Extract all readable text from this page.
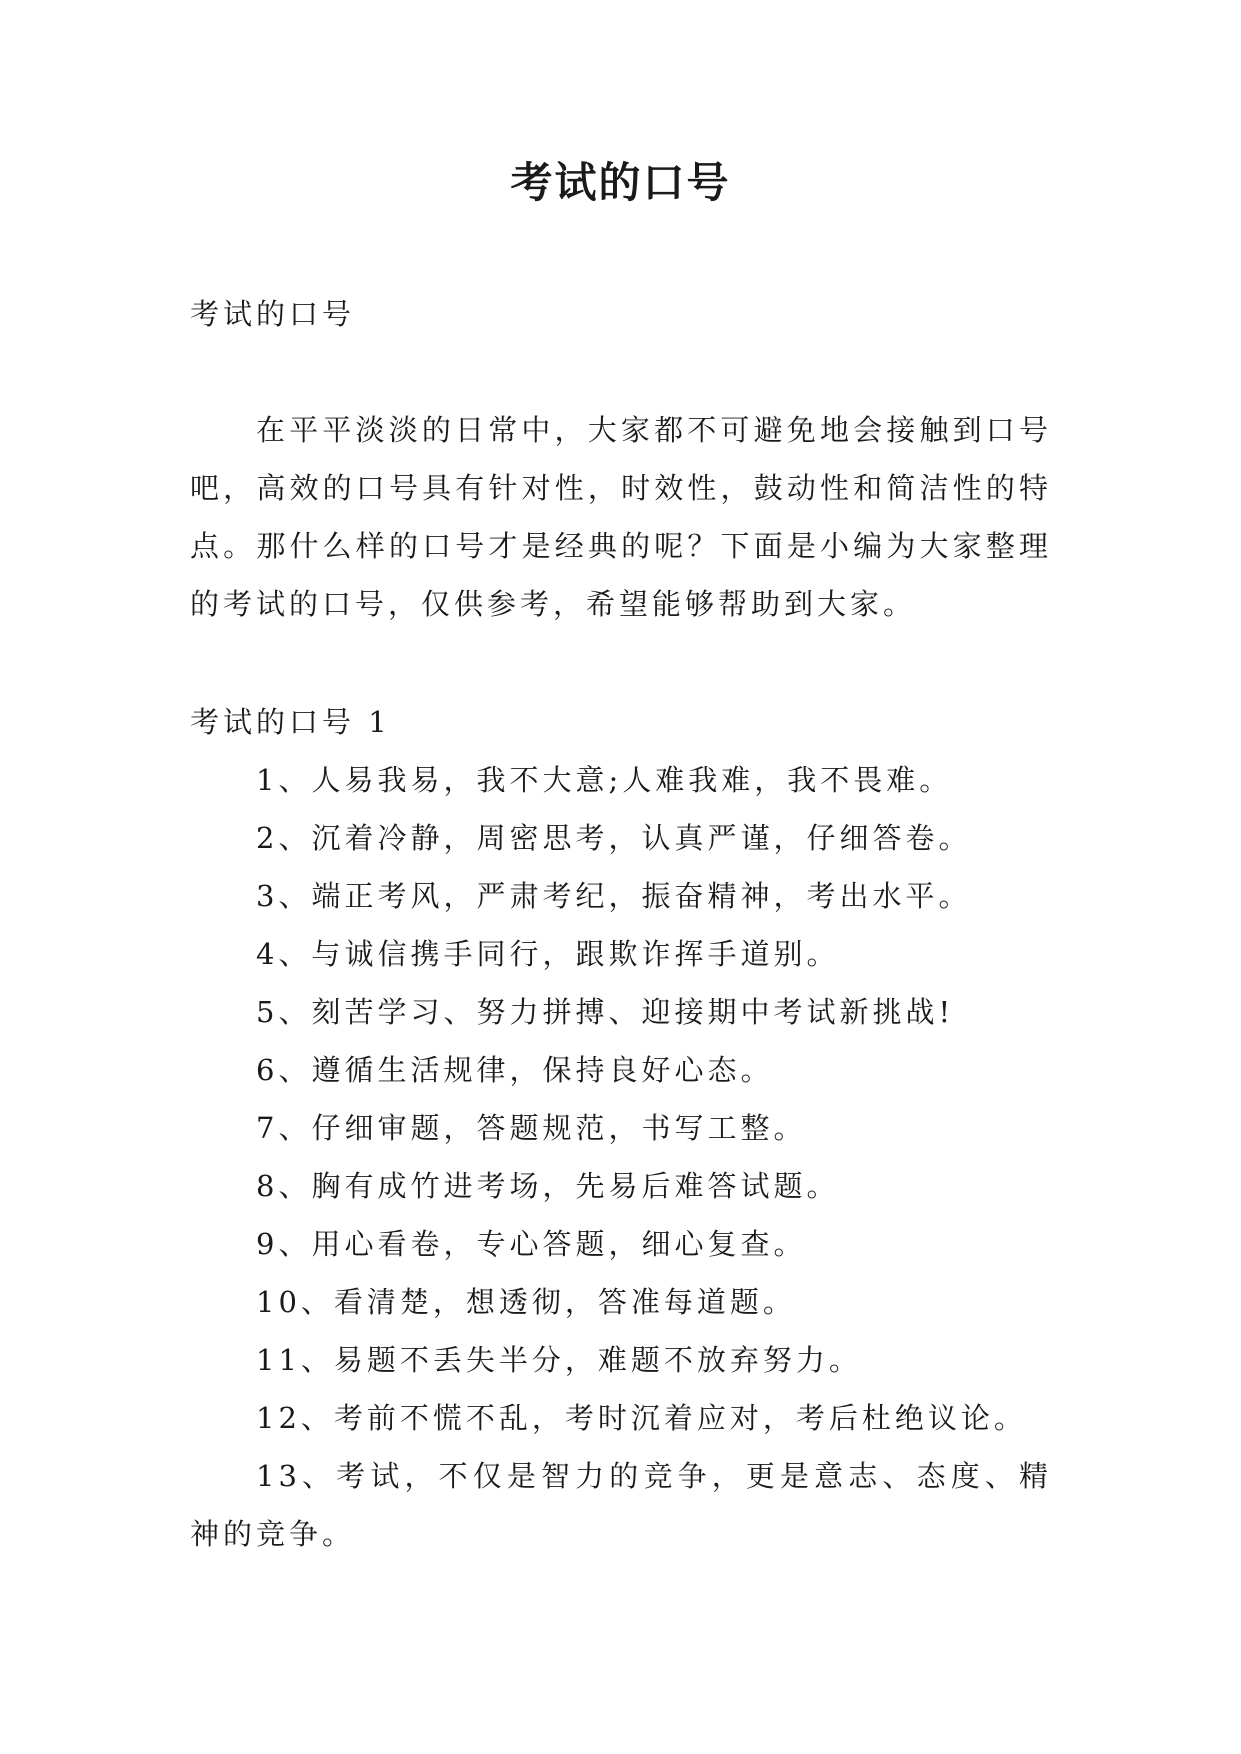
考试的口号

考试的口号

在平平淡淡的日常中，大家都不可避免地会接触到口号吧，高效的口号具有针对性，时效性，鼓动性和简洁性的特点。那什么样的口号才是经典的呢？下面是小编为大家整理的考试的口号，仅供参考，希望能够帮助到大家。

考试的口号 1

1、人易我易，我不大意;人难我难，我不畏难。
2、沉着冷静，周密思考，认真严谨，仔细答卷。
3、端正考风，严肃考纪，振奋精神，考出水平。
4、与诚信携手同行，跟欺诈挥手道别。
5、刻苦学习、努力拼搏、迎接期中考试新挑战!
6、遵循生活规律，保持良好心态。
7、仔细审题，答题规范，书写工整。
8、胸有成竹进考场，先易后难答试题。
9、用心看卷，专心答题，细心复查。
10、看清楚，想透彻，答准每道题。
11、易题不丢失半分，难题不放弃努力。
12、考前不慌不乱，考时沉着应对，考后杜绝议论。
13、考试，不仅是智力的竞争，更是意志、态度、精神的竞争。
